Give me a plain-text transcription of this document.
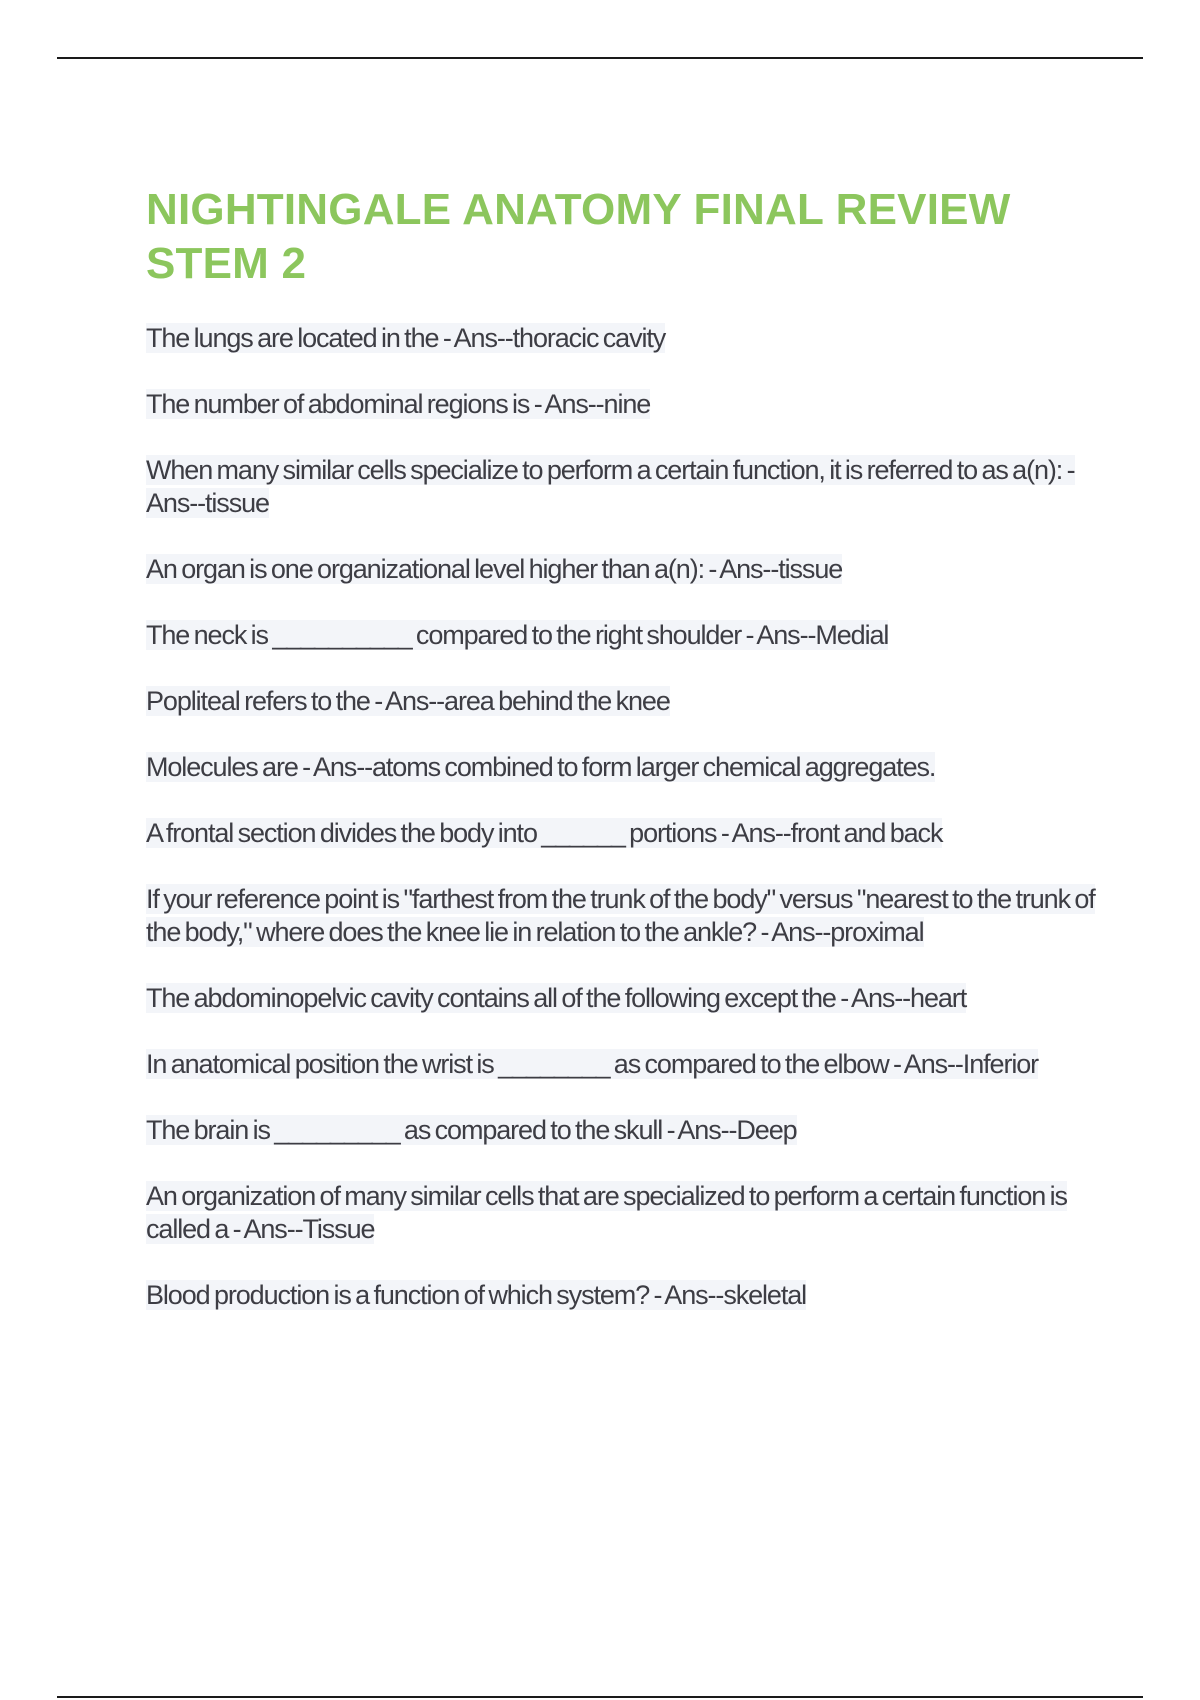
NIGHTINGALE ANATOMY FINAL REVIEW STEM 2
The lungs are located in the - Ans--thoracic cavity
The number of abdominal regions is - Ans--nine
When many similar cells specialize to perform a certain function, it is referred to as a(n): - Ans--tissue
An organ is one organizational level higher than a(n): - Ans--tissue
The neck is __________ compared to the right shoulder - Ans--Medial
Popliteal refers to the - Ans--area behind the knee
Molecules are - Ans--atoms combined to form larger chemical aggregates.
A frontal section divides the body into ______ portions - Ans--front and back
If your reference point is "farthest from the trunk of the body" versus "nearest to the trunk of the body," where does the knee lie in relation to the ankle? - Ans--proximal
The abdominopelvic cavity contains all of the following except the - Ans--heart
In anatomical position the wrist is ________ as compared to the elbow - Ans--Inferior
The brain is _________ as compared to the skull - Ans--Deep
An organization of many similar cells that are specialized to perform a certain function is called a - Ans--Tissue
Blood production is a function of which system? - Ans--skeletal
